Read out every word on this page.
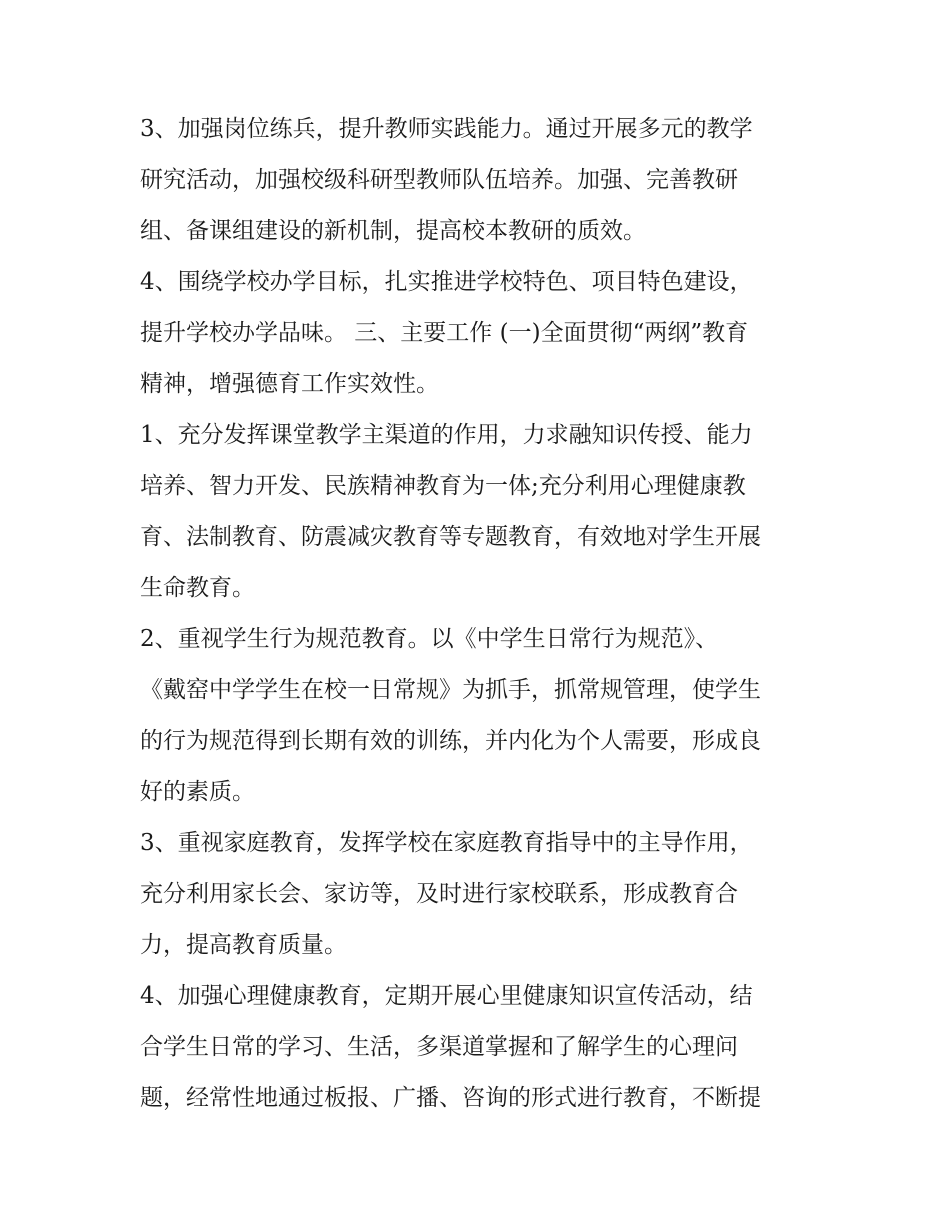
3、加强岗位练兵，提升教师实践能力。通过开展多元的教学
研究活动，加强校级科研型教师队伍培养。加强、完善教研
组、备课组建设的新机制，提高校本教研的质效。
4、围绕学校办学目标，扎实推进学校特色、项目特色建设，
提升学校办学品味。 三、主要工作 (一)全面贯彻“两纲”教育
精神，增强德育工作实效性。
1、充分发挥课堂教学主渠道的作用，力求融知识传授、能力
培养、智力开发、民族精神教育为一体;充分利用心理健康教
育、法制教育、防震减灾教育等专题教育，有效地对学生开展
生命教育。
2、重视学生行为规范教育。以《中学生日常行为规范》、
《戴窑中学学生在校一日常规》为抓手，抓常规管理，使学生
的行为规范得到长期有效的训练，并内化为个人需要，形成良
好的素质。
3、重视家庭教育，发挥学校在家庭教育指导中的主导作用，
充分利用家长会、家访等，及时进行家校联系，形成教育合
力，提高教育质量。
4、加强心理健康教育，定期开展心里健康知识宣传活动，结
合学生日常的学习、生活，多渠道掌握和了解学生的心理问
题，经常性地通过板报、广播、咨询的形式进行教育，不断提
